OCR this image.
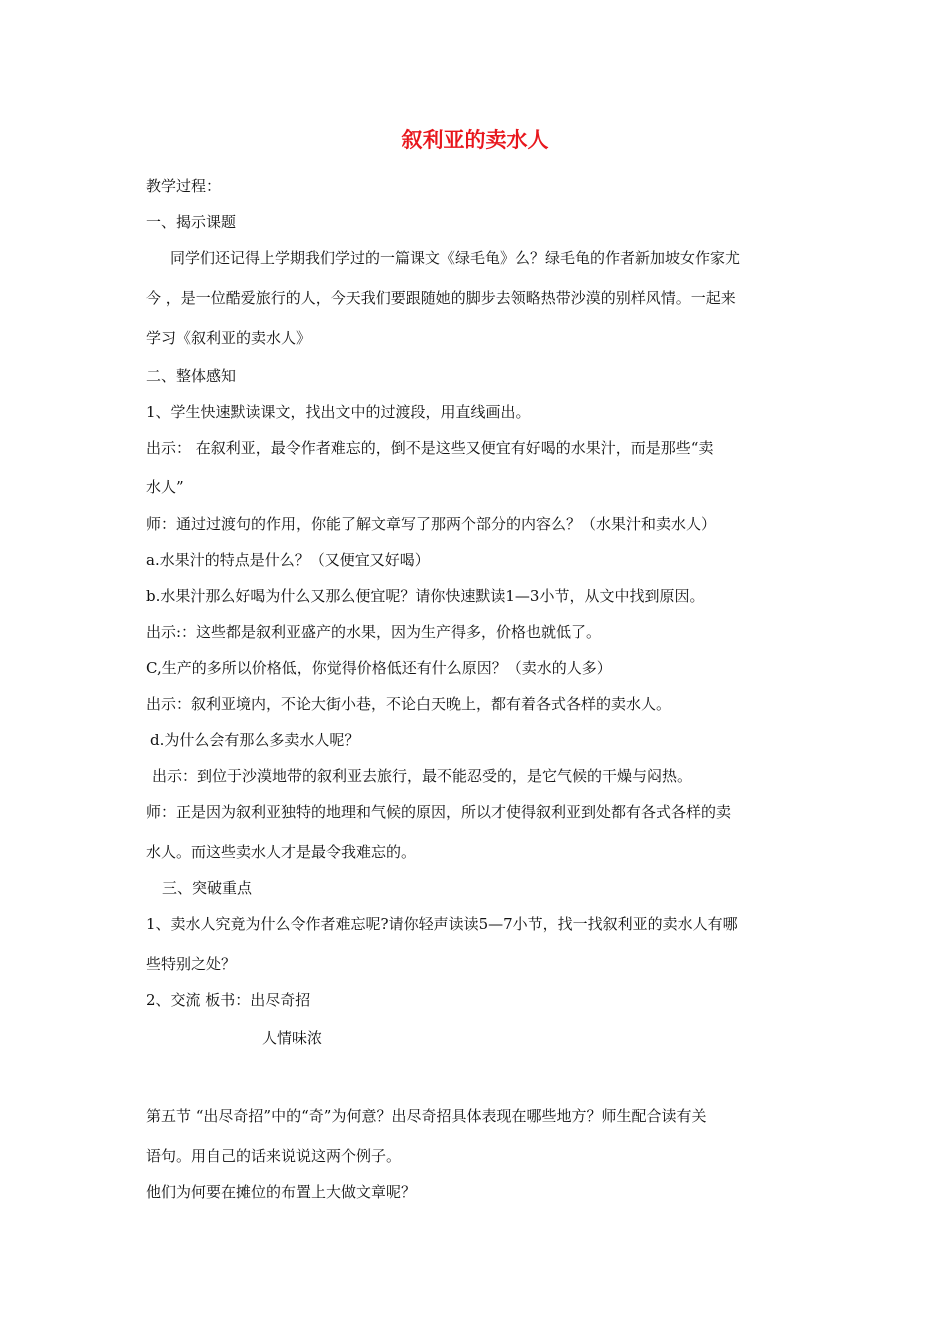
叙利亚的卖水人
教学过程：
一、揭示课题
同学们还记得上学期我们学过的一篇课文《绿毛龟》么？绿毛龟的作者新加坡女作家尤
今 ，是一位酷爱旅行的人，今天我们要跟随她的脚步去领略热带沙漠的别样风情。一起来
学习《叙利亚的卖水人》
二、整体感知
1、学生快速默读课文，找出文中的过渡段，用直线画出。
出示： 在叙利亚，最令作者难忘的，倒不是这些又便宜有好喝的水果汁，而是那些“卖
水人”
师：通过过渡句的作用，你能了解文章写了那两个部分的内容么？（水果汁和卖水人）
a.水果汁的特点是什么？（又便宜又好喝）
b.水果汁那么好喝为什么又那么便宜呢？请你快速默读1—3小节，从文中找到原因。
出示:：这些都是叙利亚盛产的水果，因为生产得多，价格也就低了。
C,生产的多所以价格低，你觉得价格低还有什么原因？（卖水的人多）
出示：叙利亚境内，不论大街小巷，不论白天晚上，都有着各式各样的卖水人。
d.为什么会有那么多卖水人呢？
出示：到位于沙漠地带的叙利亚去旅行，最不能忍受的，是它气候的干燥与闷热。
师：正是因为叙利亚独特的地理和气候的原因，所以才使得叙利亚到处都有各式各样的卖
水人。而这些卖水人才是最令我难忘的。
三、突破重点
1、卖水人究竟为什么令作者难忘呢?请你轻声读读5—7小节，找一找叙利亚的卖水人有哪
些特别之处？
2、交流 板书：出尽奇招
人情味浓
第五节 “出尽奇招”中的“奇”为何意？出尽奇招具体表现在哪些地方？师生配合读有关
语句。用自己的话来说说这两个例子。
他们为何要在摊位的布置上大做文章呢？
